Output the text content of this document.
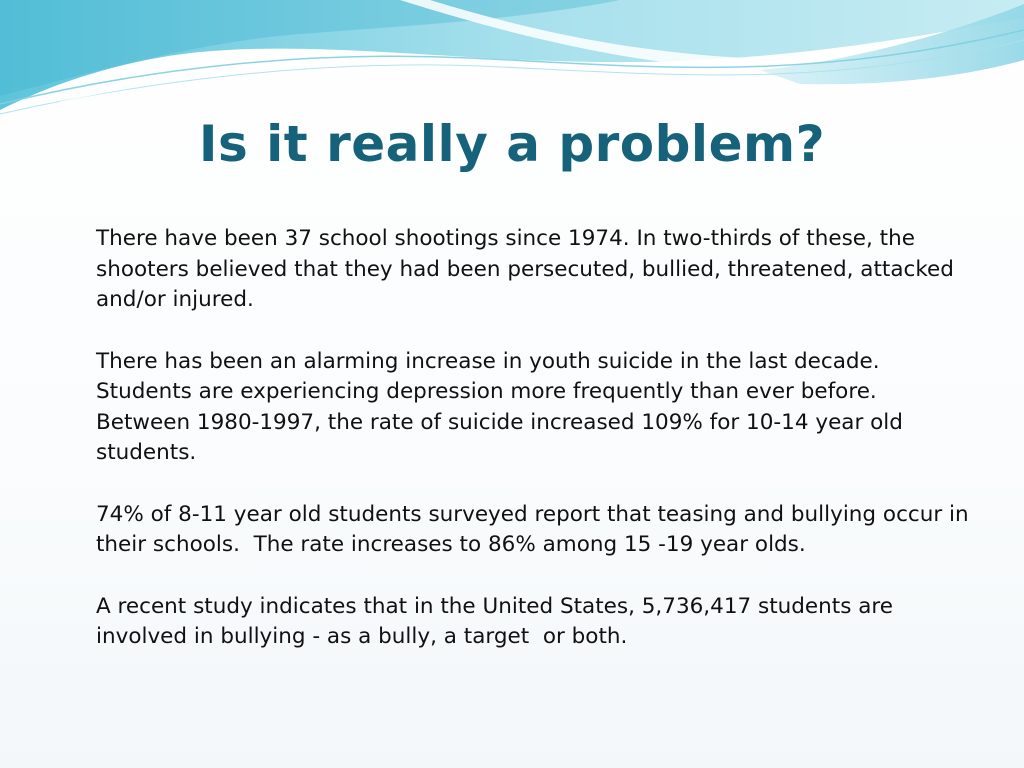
Is it really a problem?

There have been 37 school shootings since 1974. In two-thirds of these, the shooters believed that they had been persecuted, bullied, threatened, attacked and/or injured.

There has been an alarming increase in youth suicide in the last decade.  Students are experiencing depression more frequently than ever before.  Between 1980-1997, the rate of suicide increased 109% for 10-14 year old students.

74% of 8-11 year old students surveyed report that teasing and bullying occur in their schools.  The rate increases to 86% among 15 -19 year olds.

A recent study indicates that in the United States, 5,736,417 students are involved in bullying - as a bully, a target  or both.
